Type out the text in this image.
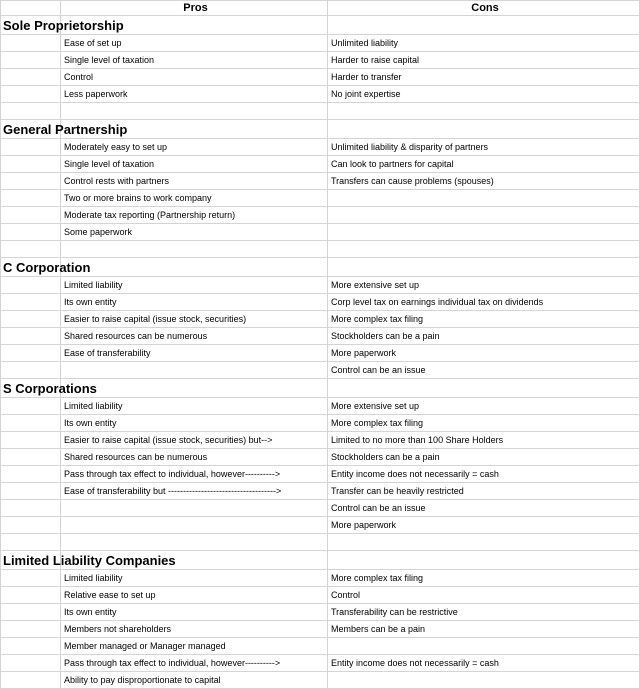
	Pros	Cons
Sole Proprietorship		
	Ease of set up	Unlimited liability
	Single level of taxation	Harder to raise capital
	Control	Harder to transfer
	Less paperwork	No joint expertise

General Partnership		
	Moderately easy to set up	Unlimited liability & disparity of partners
	Single level of taxation	Can look to partners for capital
	Control rests with partners	Transfers can cause problems (spouses)
	Two or more brains to work company	
	Moderate tax reporting (Partnership return)	
	Some paperwork	

C Corporation		
	Limited liability	More extensive set up
	Its own entity	Corp level tax on earnings individual tax on dividends
	Easier to raise capital (issue stock, securities)	More complex tax filing
	Shared resources can be numerous	Stockholders can be a pain
	Ease of transferability	More paperwork
		Control can be an issue
S Corporations		
	Limited liability	More extensive set up
	Its own entity	More complex tax filing
	Easier to raise capital (issue stock, securities) but-->	Limited to no more than 100 Share Holders
	Shared resources can be numerous	Stockholders can be a pain
	Pass through tax effect to individual, however---------->	Entity income does not necessarily = cash
	Ease of transferability but ------------------------------------>	Transfer can be heavily restricted
		Control can be an issue
		More paperwork

Limited Liability Companies		
	Limited liability	More complex tax filing
	Relative ease to set up	Control
	Its own entity	Transferability can be restrictive
	Members not shareholders	Members can be a pain
	Member managed or Manager managed	
	Pass through tax effect to individual, however---------->	Entity income does not necessarily = cash
	Ability to pay disproportionate to capital	
